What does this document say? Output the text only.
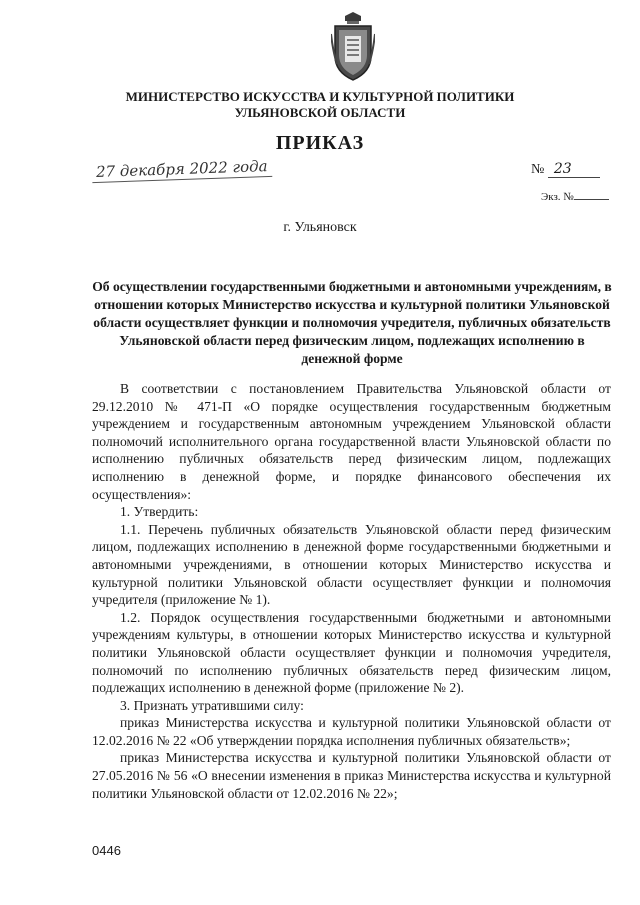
МИНИСТЕРСТВО ИСКУССТВА И КУЛЬТУРНОЙ ПОЛИТИКИ
УЛЬЯНОВСКОЙ ОБЛАСТИ
ПРИКАЗ
27 декабря 2022 года	№ 23
Экз. №
г. Ульяновск
Об осуществлении государственными бюджетными и автономными учреждениям, в отношении которых Министерство искусства и культурной политики Ульяновской области осуществляет функции и полномочия учредителя, публичных обязательств Ульяновской области перед физическим лицом, подлежащих исполнению в денежной форме

В соответствии с постановлением Правительства Ульяновской области от 29.12.2010 № 471-П «О порядке осуществления государственным бюджетным учреждением и государственным автономным учреждением Ульяновской области полномочий исполнительного органа государственной власти Ульяновской области по исполнению публичных обязательств перед физическим лицом, подлежащих исполнению в денежной форме, и порядке финансового обеспечения их осуществления»:

1. Утвердить:

1.1. Перечень публичных обязательств Ульяновской области перед физическим лицом, подлежащих исполнению в денежной форме государственными бюджетными и автономными учреждениями, в отношении которых Министерство искусства и культурной политики Ульяновской области осуществляет функции и полномочия учредителя (приложение № 1).

1.2. Порядок осуществления государственными бюджетными и автономными учреждениям культуры, в отношении которых Министерство искусства и культурной политики Ульяновской области осуществляет функции и полномочия учредителя, полномочий по исполнению публичных обязательств перед физическим лицом, подлежащих исполнению в денежной форме (приложение № 2).

3. Признать утратившими силу:

приказ Министерства искусства и культурной политики Ульяновской области от 12.02.2016 № 22 «Об утверждении порядка исполнения публичных обязательств»;

приказ Министерства искусства и культурной политики Ульяновской области от 27.05.2016 № 56 «О внесении изменения в приказ Министерства искусства и культурной политики Ульяновской области от 12.02.2016 № 22»;

0446
